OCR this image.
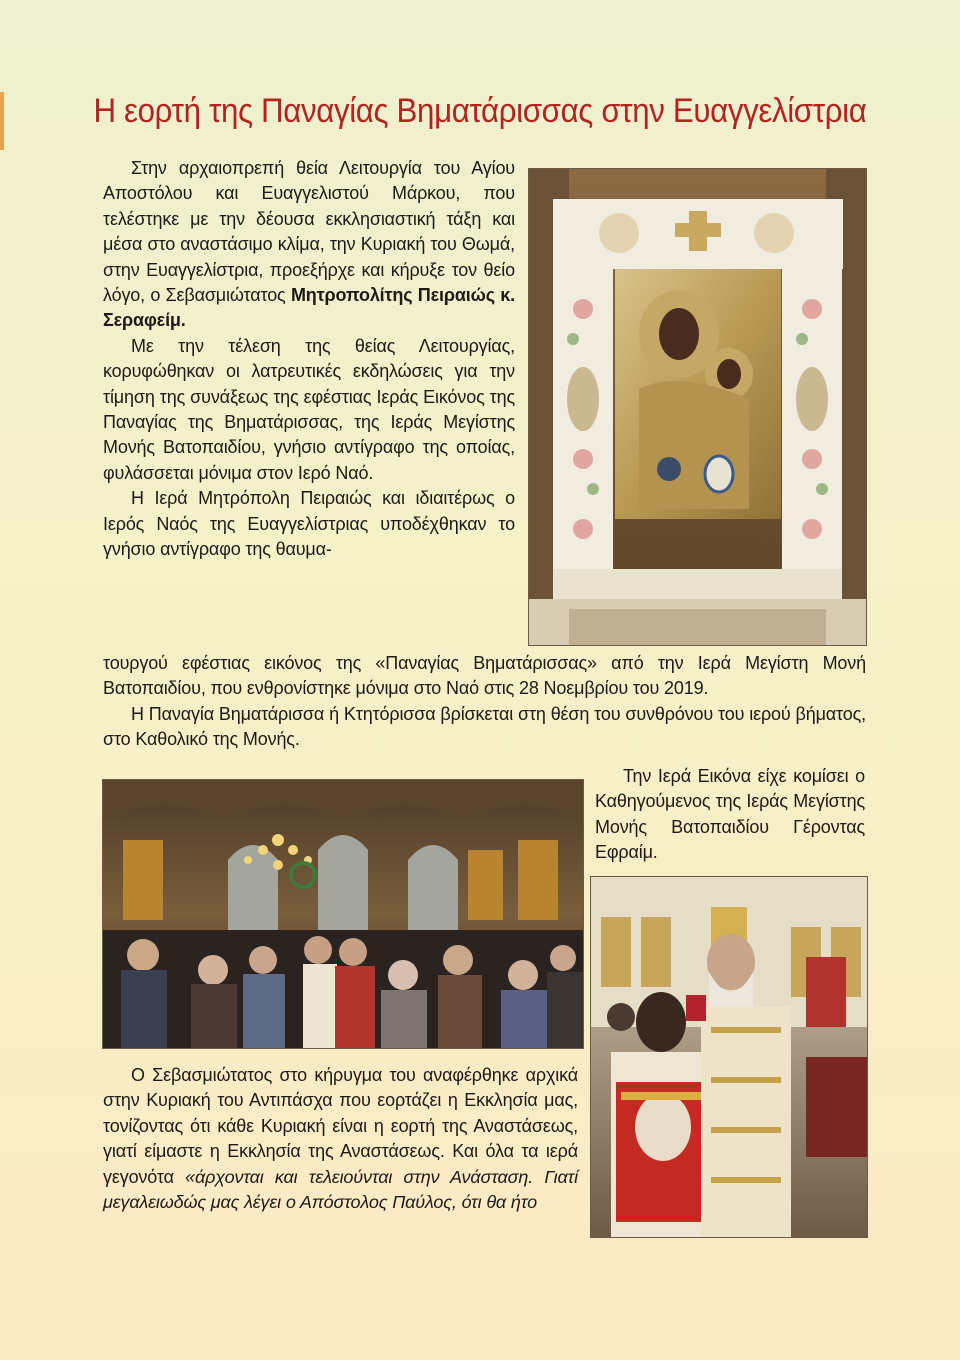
Η εορτή της Παναγίας Βηματάρισσας στην Ευαγγελίστρια

Στην αρχαιοπρεπή θεία Λειτουργία του Αγίου Αποστόλου και Ευαγγελιστού Μάρκου, που τελέστηκε με την δέουσα εκκλησιαστική τάξη και μέσα στο αναστάσιμο κλίμα, την Κυριακή του Θωμά, στην Ευαγγελίστρια, προεξήρχε και κήρυξε τον θείο λόγο, ο Σεβασμιώτατος Μητροπολίτης Πειραιώς κ. Σεραφείμ.

Με την τέλεση της θείας Λειτουργίας, κορυφώθηκαν οι λατρευτικές εκδηλώσεις για την τίμηση της συνάξεως της εφέστιας Ιεράς Εικόνος της Παναγίας της Βηματάρισσας, της Ιεράς Μεγίστης Μονής Βατοπαιδίου, γνήσιο αντίγραφο της οποίας, φυλάσσεται μόνιμα στον Ιερό Ναό.

Η Ιερά Μητρόπολη Πειραιώς και ιδιαιτέρως ο Ιερός Ναός της Ευαγγελίστριας υποδέχθηκαν το γνήσιο αντίγραφο της θαυμα-

τουργού εφέστιας εικόνος της «Παναγίας Βηματάρισσας» από την Ιερά Μεγίστη Μονή Βατοπαιδίου, που ενθρονίστηκε μόνιμα στο Ναό στις 28 Νοεμβρίου του 2019.

Η Παναγία Βηματάρισσα ή Κτητόρισσα βρίσκεται στη θέση του συνθρόνου του ιερού βήματος, στο Καθολικό της Μονής.

Την Ιερά Εικόνα είχε κομίσει ο Καθηγούμενος της Ιεράς Μεγίστης Μονής Βατοπαιδίου Γέροντας Εφραίμ.

Ο Σεβασμιώτατος στο κήρυγμα του αναφέρθηκε αρχικά στην Κυριακή του Αντιπάσχα που εορτάζει η Εκκλησία μας, τονίζοντας ότι κάθε Κυριακή είναι η εορτή της Αναστάσεως, γιατί είμαστε η Εκκλησία της Αναστάσεως. Και όλα τα ιερά γεγονότα «άρχονται και τελειούνται στην Ανάσταση. Γιατί μεγαλειωδώς μας λέγει ο Απόστολος Παύλος, ότι θα ήτο
